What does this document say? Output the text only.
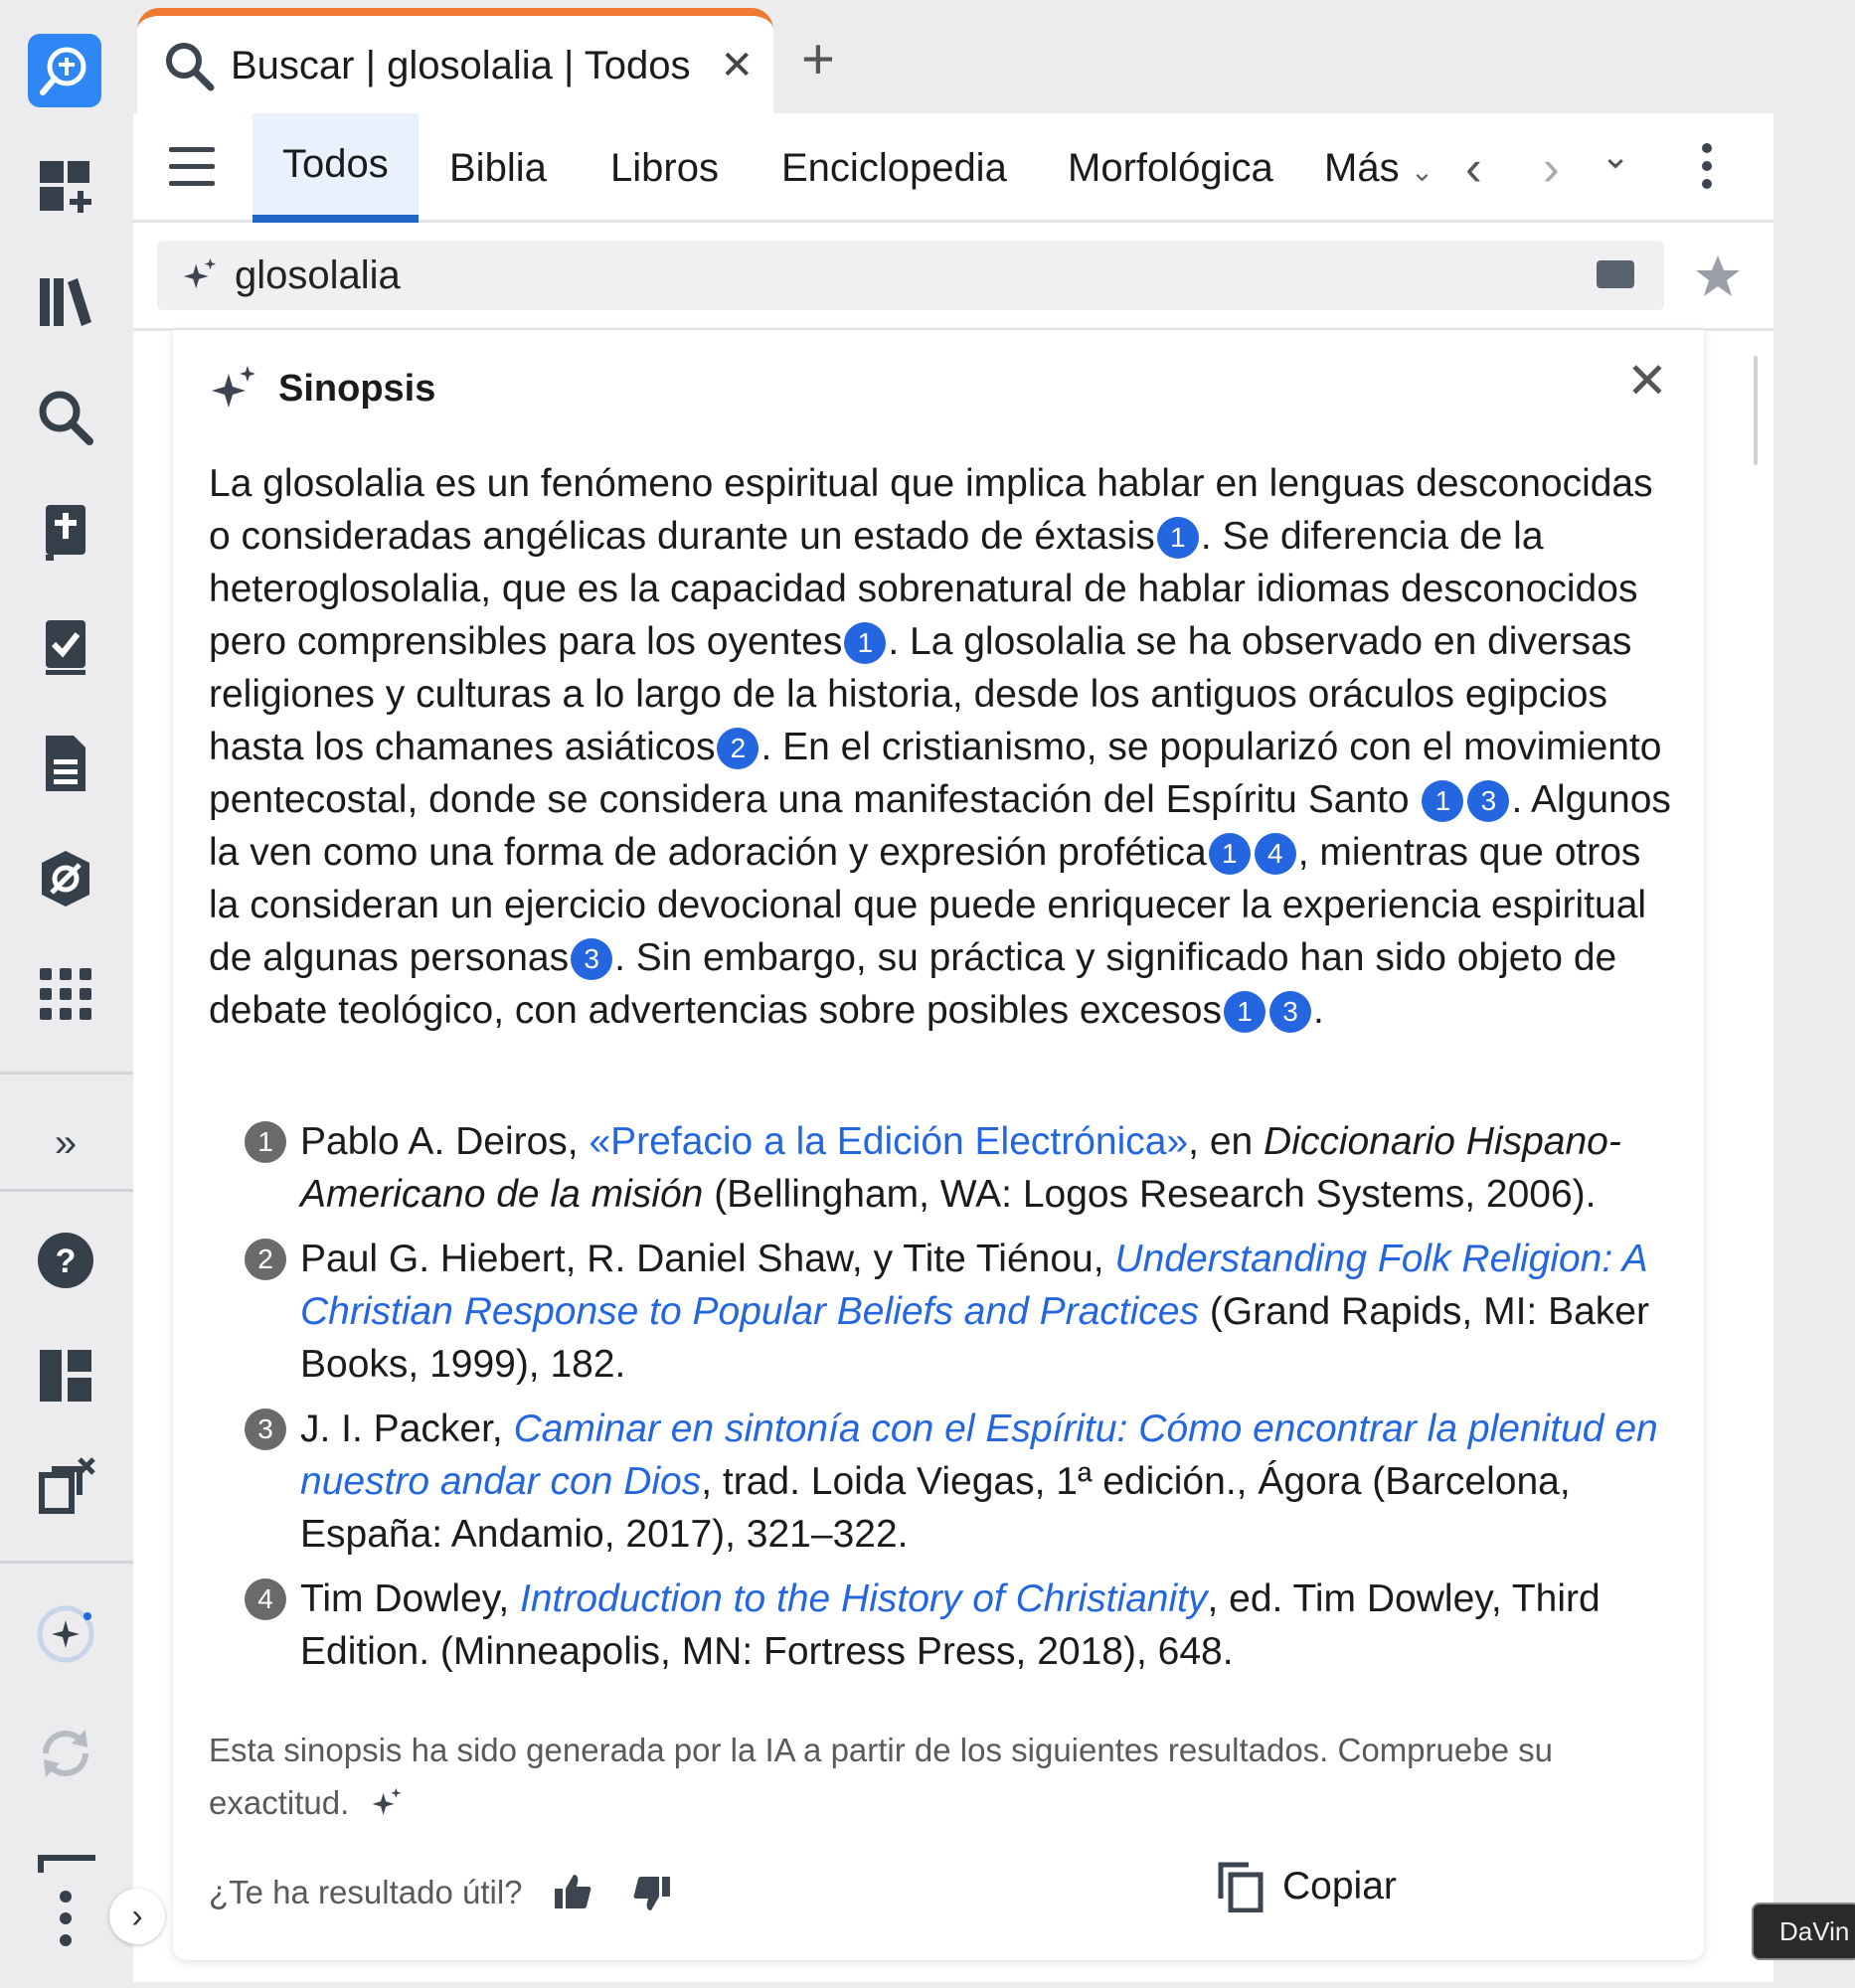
»
?
Buscar | glosolalia | Todos ✕ +
Todos	Biblia Libros Enciclopedia Morfológica Más ⌄ ‹ › ⌄
glosolalia
Sinopsis	✕
La glosolalia es un fenómeno espiritual que implica hablar en lenguas desconocidas o consideradas angélicas durante un estado de éxtasis 1 . Se diferencia de la heteroglosolalia, que es la capacidad sobrenatural de hablar idiomas desconocidos pero comprensibles para los oyentes 1 . La glosolalia se ha observado en diversas religiones y culturas a lo largo de la historia, desde los antiguos oráculos egipcios hasta los chamanes asiáticos 2 . En el cristianismo, se popularizó con el movimiento pentecostal, donde se considera una manifestación del Espíritu Santo 1 3 . Algunos la ven como una forma de adoración y expresión profética 1 4 , mientras que otros la consideran un ejercicio devocional que puede enriquecer la experiencia espiritual de algunas personas 3 . Sin embargo, su práctica y significado han sido objeto de debate teológico, con advertencias sobre posibles excesos 1 3 .
1 Pablo A. Deiros, «Prefacio a la Edición Electrónica», en Diccionario Hispano-Americano de la misión (Bellingham, WA: Logos Research Systems, 2006).
2 Paul G. Hiebert, R. Daniel Shaw, y Tite Tiénou, Understanding Folk Religion: A Christian Response to Popular Beliefs and Practices (Grand Rapids, MI: Baker Books, 1999), 182.
3 J. I. Packer, Caminar en sintonía con el Espíritu: Cómo encontrar la plenitud en nuestro andar con Dios, trad. Loida Viegas, 1ª edición., Ágora (Barcelona, España: Andamio, 2017), 321–322.
4 Tim Dowley, Introduction to the History of Christianity, ed. Tim Dowley, Third Edition. (Minneapolis, MN: Fortress Press, 2018), 648.
Esta sinopsis ha sido generada por la IA a partir de los siguientes resultados. Compruebe su exactitud.
¿Te ha resultado útil?	Copiar
›	DaVin
